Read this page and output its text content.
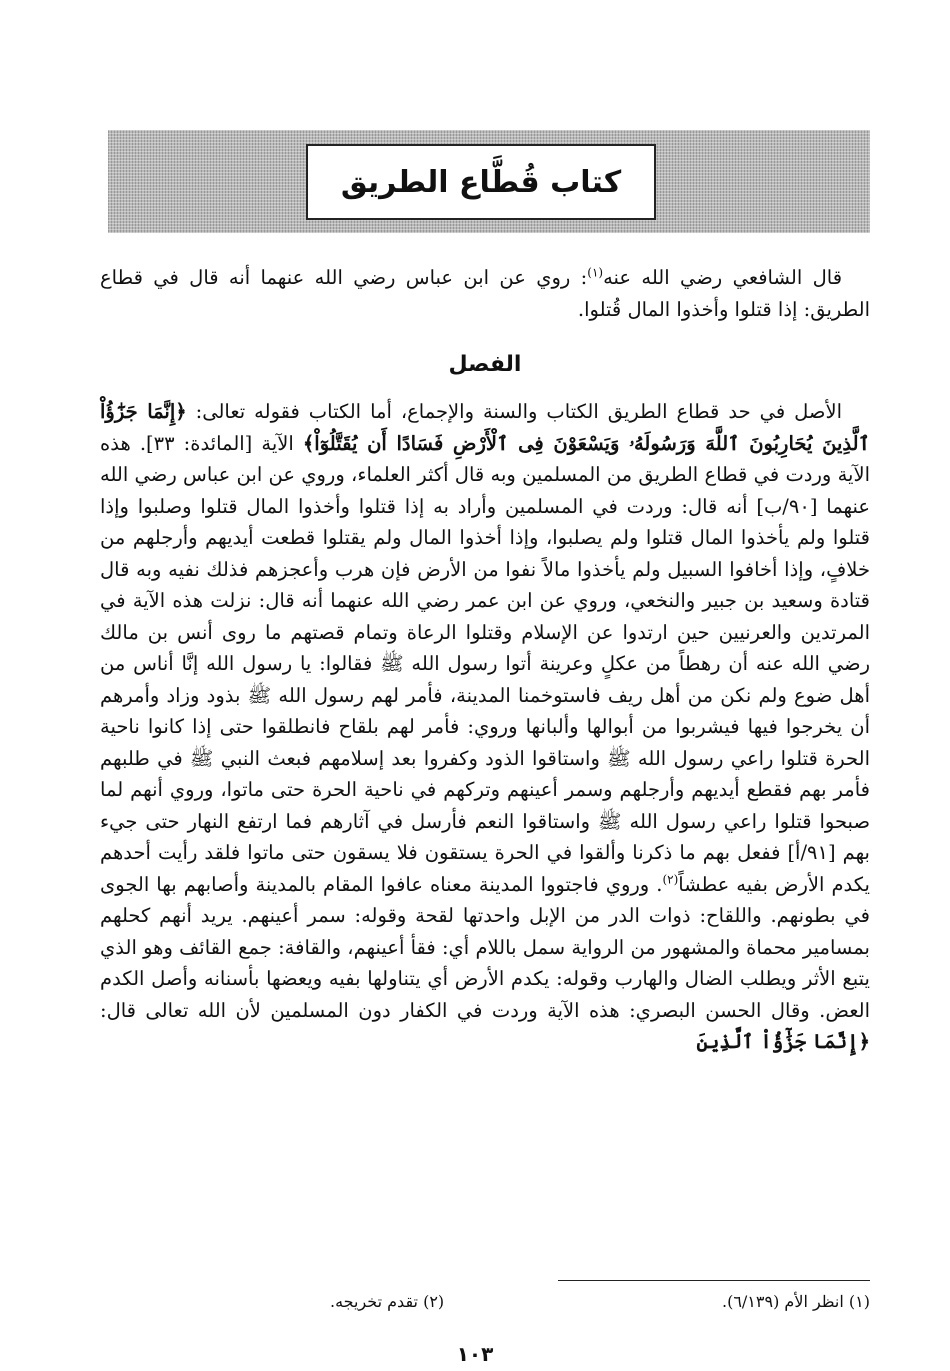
كتاب قُطَّاع الطريق

قال الشافعي رضي الله عنه$^{(١)}$: روي عن ابن عباس رضي الله عنهما أنه قال في قطاع الطريق: إذا قتلوا وأخذوا المال قُتلوا.

الفصل

الأصل في حد قطاع الطريق الكتاب والسنة والإجماع، أما الكتاب فقوله تعالى: ﴿إِنَّمَا جَزَٰٓؤُاْ ٱلَّذِينَ يُحَارِبُونَ ٱللَّهَ وَرَسُولَهُۥ وَيَسْعَوْنَ فِى ٱلْأَرْضِ فَسَادًا أَن يُقَتَّلُوٓاْ﴾ الآية [المائدة: ٣٣]. هذه الآية وردت في قطاع الطريق من المسلمين وبه قال أكثر العلماء، وروي عن ابن عباس رضي الله عنهما [٩٠/ب] أنه قال: وردت في المسلمين وأراد به إذا قتلوا وأخذوا المال قتلوا وصلبوا وإذا قتلوا ولم يأخذوا المال قتلوا ولم يصلبوا، وإذا أخذوا المال ولم يقتلوا قطعت أيديهم وأرجلهم من خلافٍ، وإذا أخافوا السبيل ولم يأخذوا مالاً نفوا من الأرض فإن هرب وأعجزهم فذلك نفيه وبه قال قتادة وسعيد بن جبير والنخعي، وروي عن ابن عمر رضي الله عنهما أنه قال: نزلت هذه الآية في المرتدين والعرنيين حين ارتدوا عن الإسلام وقتلوا الرعاة وتمام قصتهم ما روى أنس بن مالك رضي الله عنه أن رهطاً من عكلٍ وعرينة أتوا رسول الله ﷺ فقالوا: يا رسول الله إنَّا أناس من أهل ضوع ولم نكن من أهل ريف فاستوخمنا المدينة، فأمر لهم رسول الله ﷺ بذود وزاد وأمرهم أن يخرجوا فيها فيشربوا من أبوالها وألبانها وروي: فأمر لهم بلقاح فانطلقوا حتى إذا كانوا ناحية الحرة قتلوا راعي رسول الله ﷺ واستاقوا الذود وكفروا بعد إسلامهم فبعث النبي ﷺ في طلبهم فأمر بهم فقطع أيديهم وأرجلهم وسمر أعينهم وتركهم في ناحية الحرة حتى ماتوا، وروي أنهم لما صبحوا قتلوا راعي رسول الله ﷺ واستاقوا النعم فأرسل في آثارهم فما ارتفع النهار حتى جيء بهم [٩١/أ] ففعل بهم ما ذكرنا وألقوا في الحرة يستقون فلا يسقون حتى ماتوا فلقد رأيت أحدهم يكدم الأرض بفيه عطشاً$^{(٢)}$. وروي فاجتووا المدينة معناه عافوا المقام بالمدينة وأصابهم بها الجوى في بطونهم. واللقاح: ذوات الدر من الإبل واحدتها لقحة وقوله: سمر أعينهم. يريد أنهم كحلهم بمسامير محماة والمشهور من الرواية سمل باللام أي: فقأ أعينهم، والقافة: جمع القائف وهو الذي يتبع الأثر ويطلب الضال والهارب وقوله: يكدم الأرض أي يتناولها بفيه ويعضها بأسنانه وأصل الكدم العض. وقال الحسن البصري: هذه الآية وردت في الكفار دون المسلمين لأن الله تعالى قال: ﴿إِنَّمَا جَزَٰٓؤُاْ ٱلَّذِينَ

(١) انظر الأم (٦/١٣٩).
(٢) تقدم تخريجه.
١٠٣
